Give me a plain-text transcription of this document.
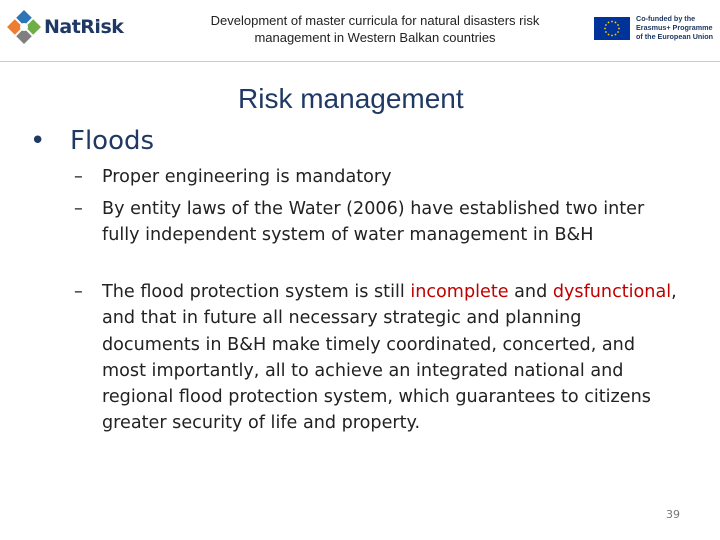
NatRisk	Development of master curricula for natural disasters risk management in Western Balkan countries
Co-funded by the
Erasmus+ Programme
of the European Union
Risk management
• Floods
–	Proper engineering is mandatory
–	By entity laws of the Water (2006) have established two inter fully independent system of water management in B&H
–	The flood protection system is still incomplete and dysfunctional, and that in future all necessary strategic and planning documents in B&H make timely coordinated, concerted, and most importantly, all to achieve an integrated national and regional flood protection system, which guarantees to citizens greater security of life and property.
39
